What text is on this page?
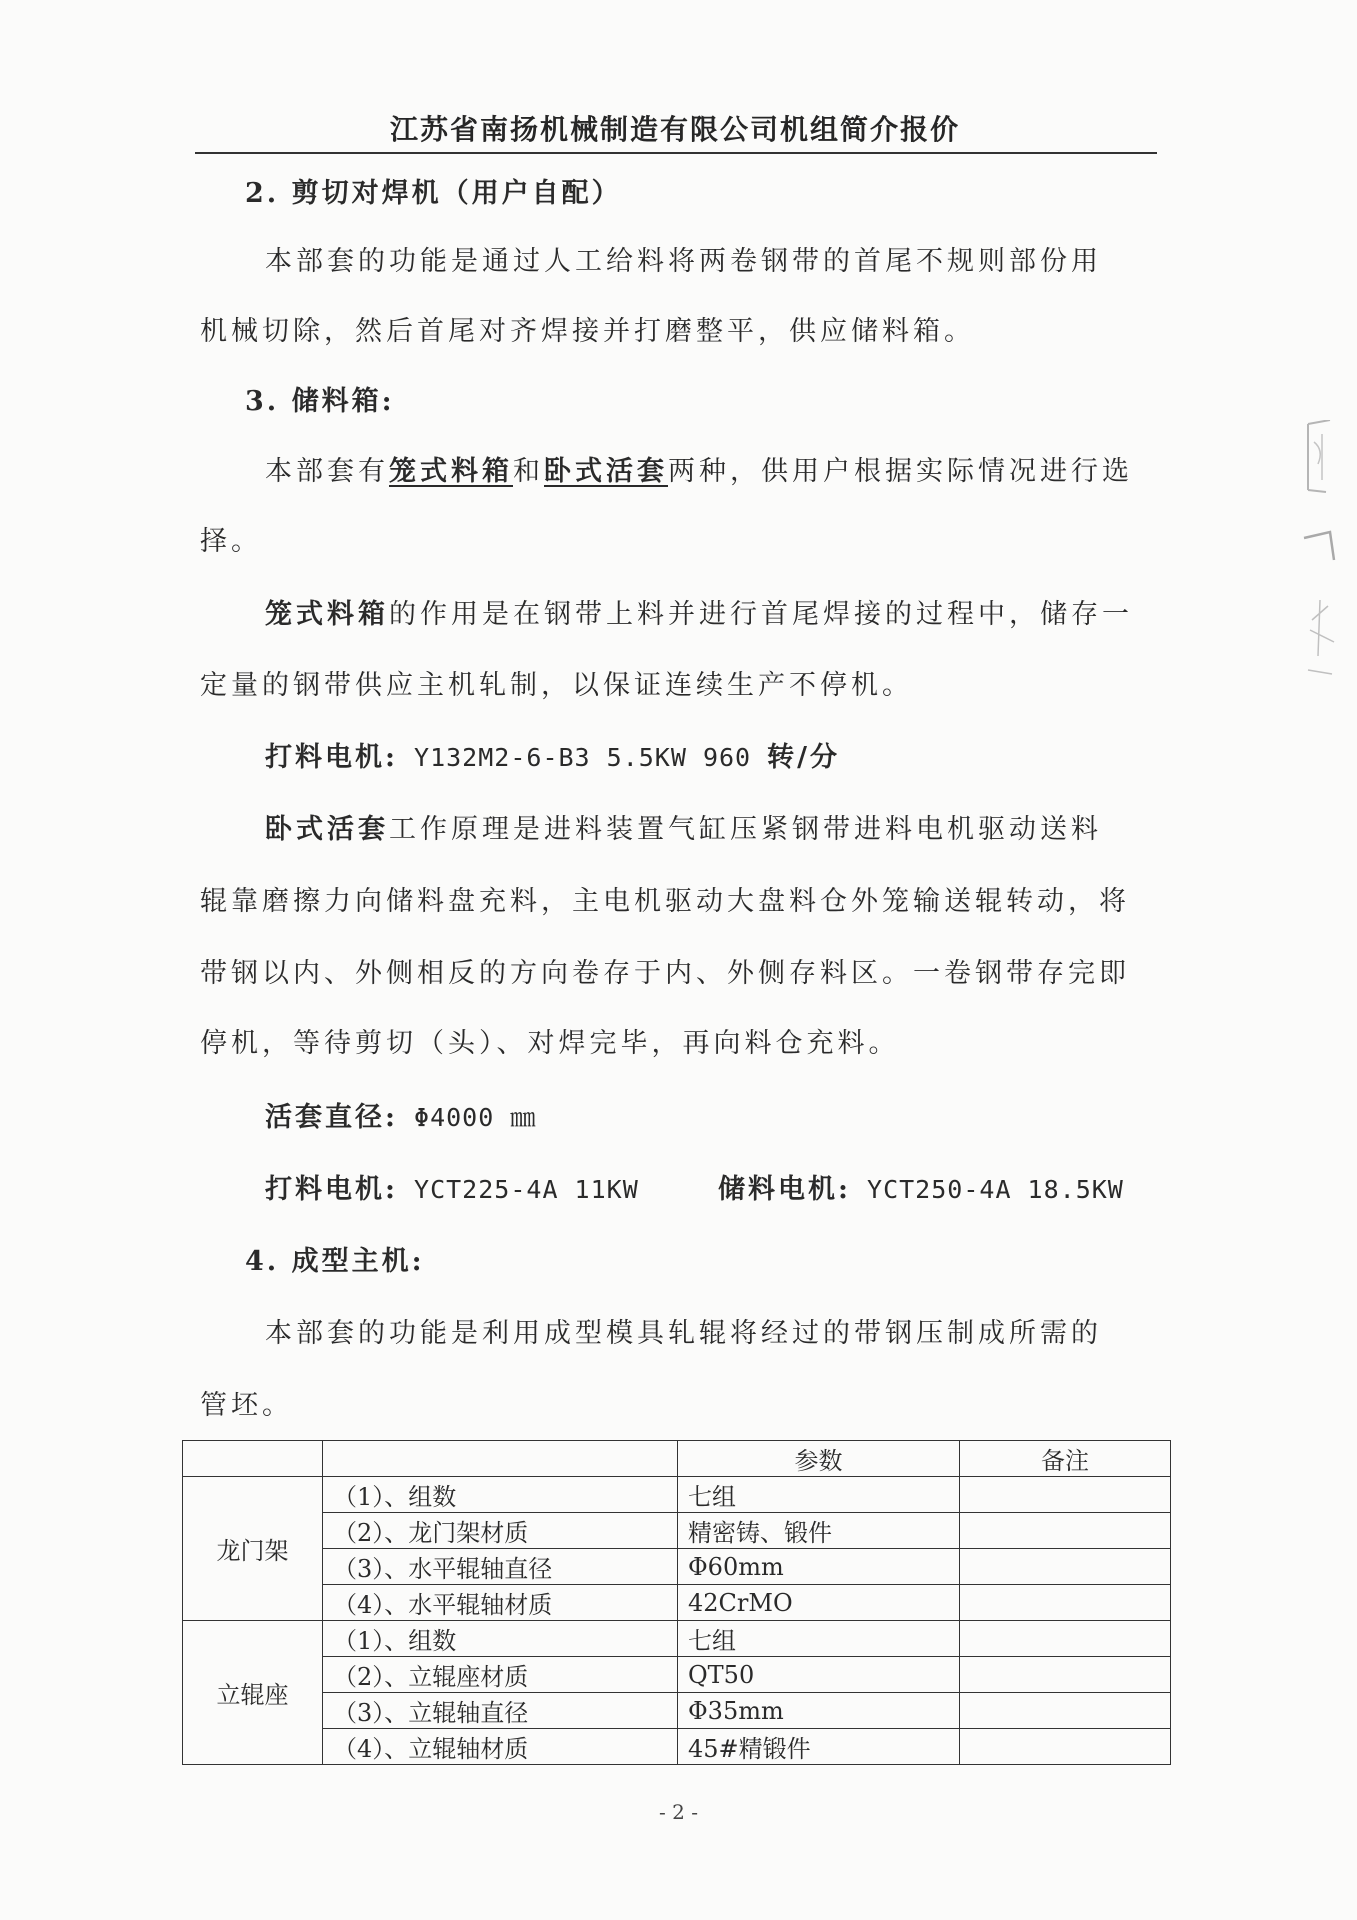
江苏省南扬机械制造有限公司机组简介报价
2. 剪切对焊机（用户自配）
本部套的功能是通过人工给料将两卷钢带的首尾不规则部份用
机械切除，然后首尾对齐焊接并打磨整平，供应储料箱。
3. 储料箱:
本部套有笼式料箱和卧式活套两种，供用户根据实际情况进行选
择。
笼式料箱的作用是在钢带上料并进行首尾焊接的过程中，储存一
定量的钢带供应主机轧制，以保证连续生产不停机。
打料电机: Y132M2-6-B3 5.5KW 960 转/分
卧式活套工作原理是进料装置气缸压紧钢带进料电机驱动送料
辊靠磨擦力向储料盘充料，主电机驱动大盘料仓外笼输送辊转动，将
带钢以内、外侧相反的方向卷存于内、外侧存料区。一卷钢带存完即
停机，等待剪切（头）、对焊完毕，再向料仓充料。
活套直径: Φ4000 ㎜
打料电机: YCT225-4A 11KW	储料电机: YCT250-4A 18.5KW
4. 成型主机:
本部套的功能是利用成型模具轧辊将经过的带钢压制成所需的
管坯。
		参数	备注
龙门架	（1）、组数	七组	
	（2）、龙门架材质	精密铸、锻件	
	（3）、水平辊轴直径	Φ60mm	
	（4）、水平辊轴材质	42CrMO	
立辊座	（1）、组数	七组	
	（2）、立辊座材质	QT50	
	（3）、立辊轴直径	Φ35mm	
	（4）、立辊轴材质	45#精锻件	
- 2 -
